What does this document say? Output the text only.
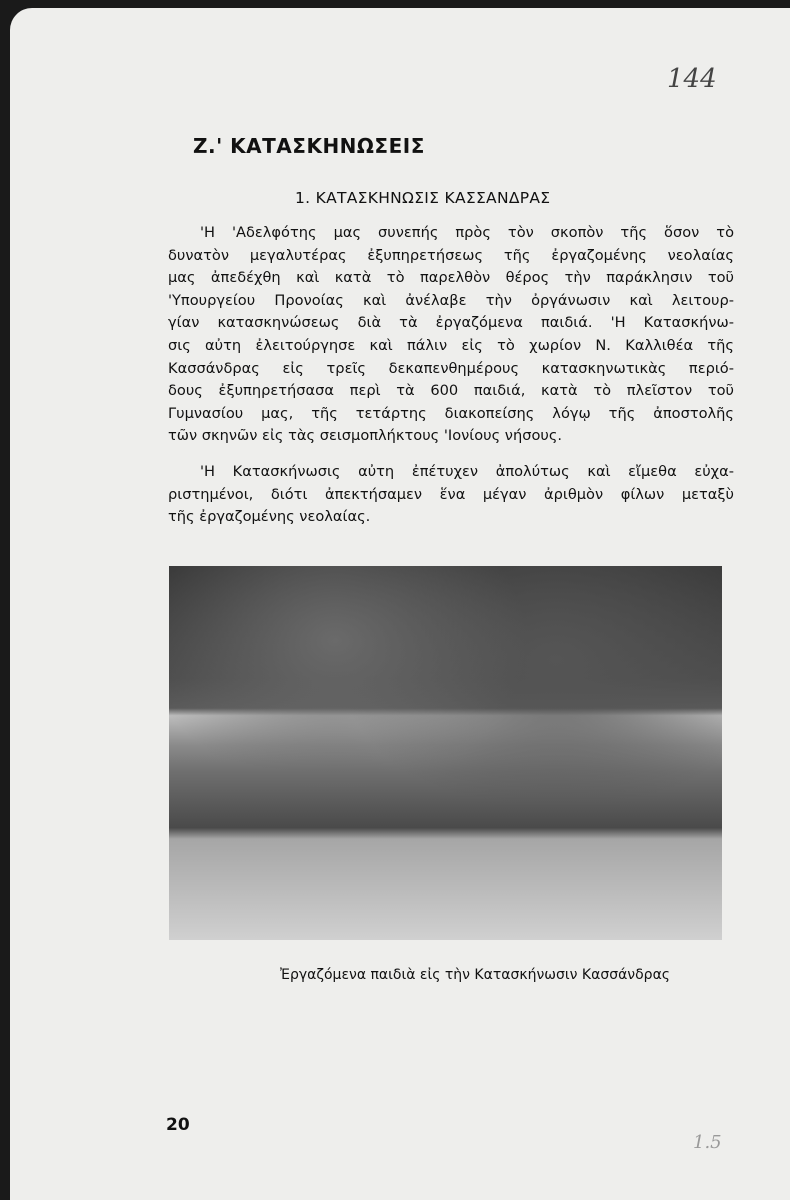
144
Ζ.' ΚΑΤΑΣΚΗΝΩΣΕΙΣ
1. ΚΑΤΑΣΚΗΝΩΣΙΣ ΚΑΣΣΑΝΔΡΑΣ
'Η 'Αδελφότης μας συνεπής πρὸς τὸν σκοπὸν τῆς ὅσον τὸ
δυνατὸν μεγαλυτέρας ἐξυπηρετήσεως τῆς ἐργαζομένης νεολαίας
μας ἀπεδέχθη καὶ κατὰ τὸ παρελθὸν θέρος τὴν παράκλησιν τοῦ
'Υπουργείου Προνοίας καὶ ἀνέλαβε τὴν ὀργάνωσιν καὶ λειτουρ-
γίαν κατασκηνώσεως διὰ τὰ ἐργαζόμενα παιδιά. 'Η Κατασκήνω-
σις αὐτη ἐλειτούργησε καὶ πάλιν εἰς τὸ χωρίον Ν. Καλλιθέα τῆς
Κασσάνδρας εἰς τρεῖς δεκαπενθημέρους κατασκηνωτικὰς περιό-
δους ἐξυπηρετήσασα περὶ τὰ 600 παιδιά, κατὰ τὸ πλεῖστον τοῦ
Γυμνασίου μας, τῆς τετάρτης διακοπείσης λόγῳ τῆς ἀποστολῆς
τῶν σκηνῶν εἰς τὰς σεισμοπλήκτους 'Ιονίους νήσους.
'Η Κατασκήνωσις αὐτη ἐπέτυχεν ἀπολύτως καὶ εἴμεθα εὐχα-
ριστημένοι, διότι ἀπεκτήσαμεν ἕνα μέγαν ἀριθμὸν φίλων μεταξὺ
τῆς ἐργαζομένης νεολαίας.
Ἐργαζόμενα παιδιὰ εἰς τὴν Κατασκήνωσιν Κασσάνδρας
20
1.5
